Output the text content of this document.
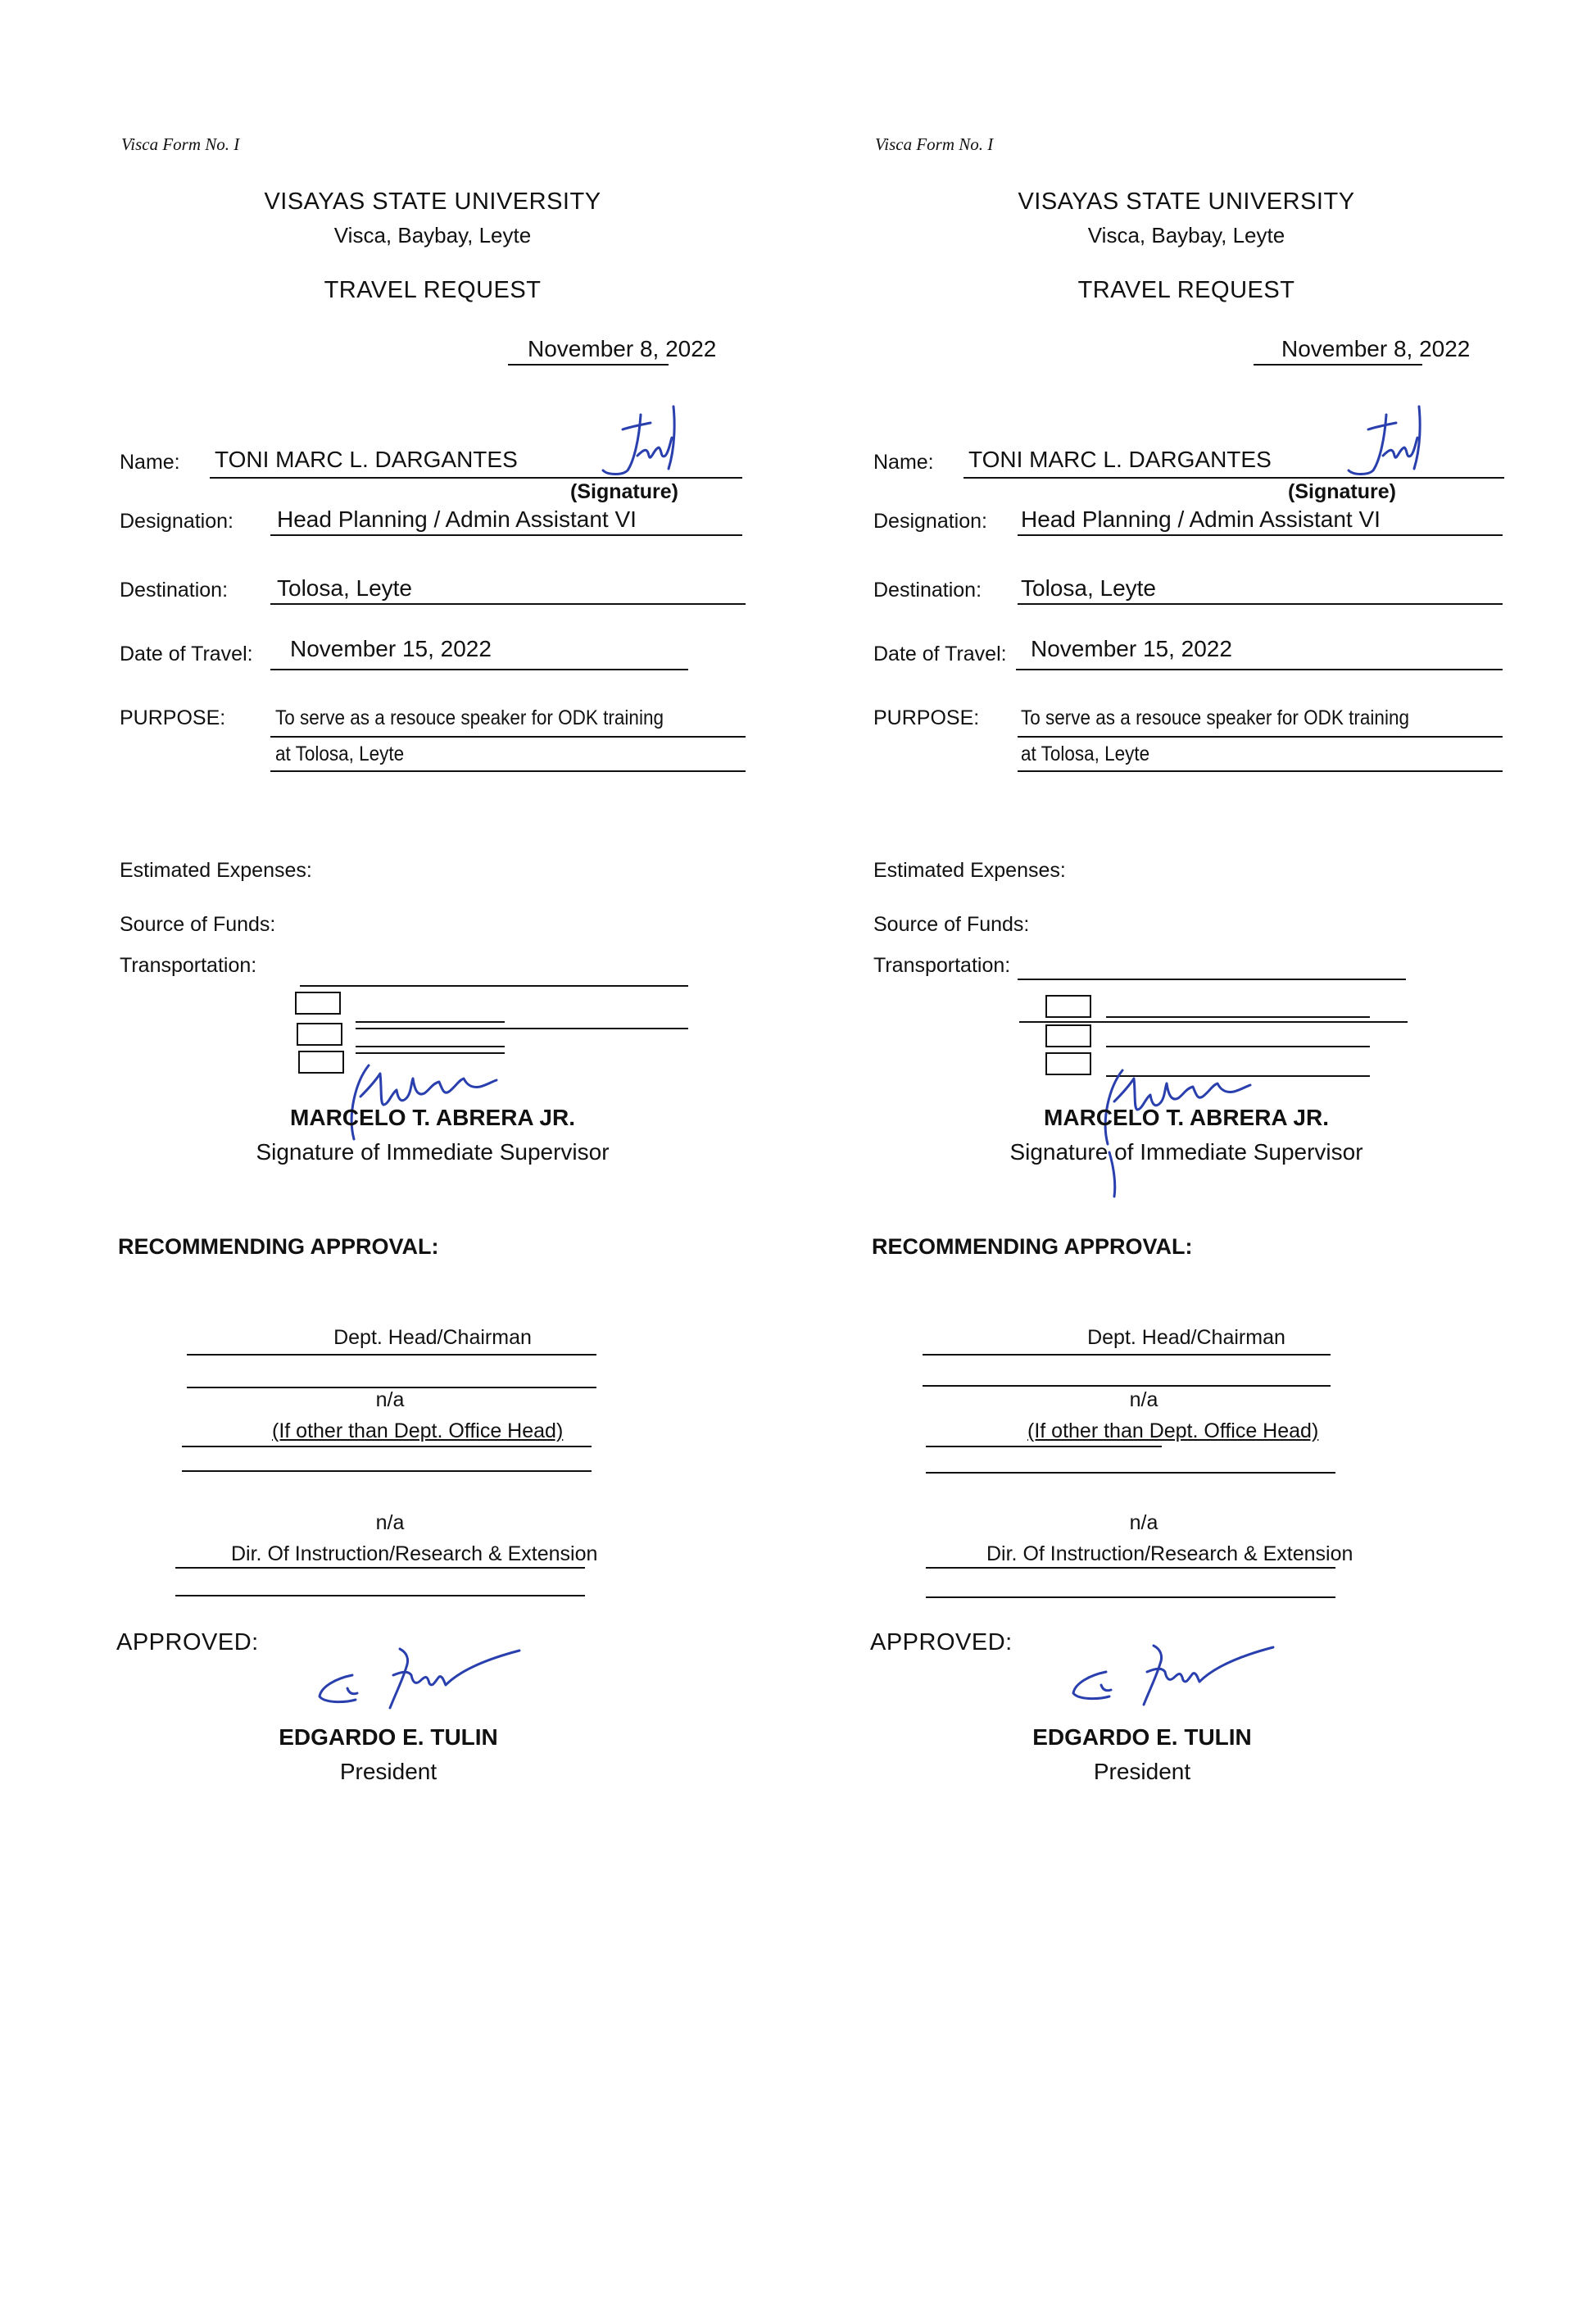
Visca Form No. I
VISAYAS STATE UNIVERSITY
Visca, Baybay, Leyte
TRAVEL REQUEST
November 8, 2022
Name: TONI MARC L. DARGANTES
(Signature)
Designation: Head Planning / Admin Assistant VI
Destination: Tolosa, Leyte
Date of Travel: November 15, 2022
PURPOSE: To serve as a resouce speaker for ODK training
at Tolosa, Leyte
Estimated Expenses:
Source of Funds:
Transportation:
MARCELO T. ABRERA JR.
Signature of Immediate Supervisor
RECOMMENDING APPROVAL:
Dept. Head/Chairman
n/a
(If other than Dept. Office Head)
n/a
Dir. Of Instruction/Research & Extension
APPROVED:
EDGARDO E. TULIN
President
Visca Form No. I
VISAYAS STATE UNIVERSITY
Visca, Baybay, Leyte
TRAVEL REQUEST
November 8, 2022
Name: TONI MARC L. DARGANTES
(Signature)
Designation: Head Planning / Admin Assistant VI
Destination: Tolosa, Leyte
Date of Travel: November 15, 2022
PURPOSE: To serve as a resouce speaker for ODK training
at Tolosa, Leyte
Estimated Expenses:
Source of Funds:
Transportation:
MARCELO T. ABRERA JR.
Signature of Immediate Supervisor
RECOMMENDING APPROVAL:
Dept. Head/Chairman
n/a
(If other than Dept. Office Head)
n/a
Dir. Of Instruction/Research & Extension
APPROVED:
EDGARDO E. TULIN
President
